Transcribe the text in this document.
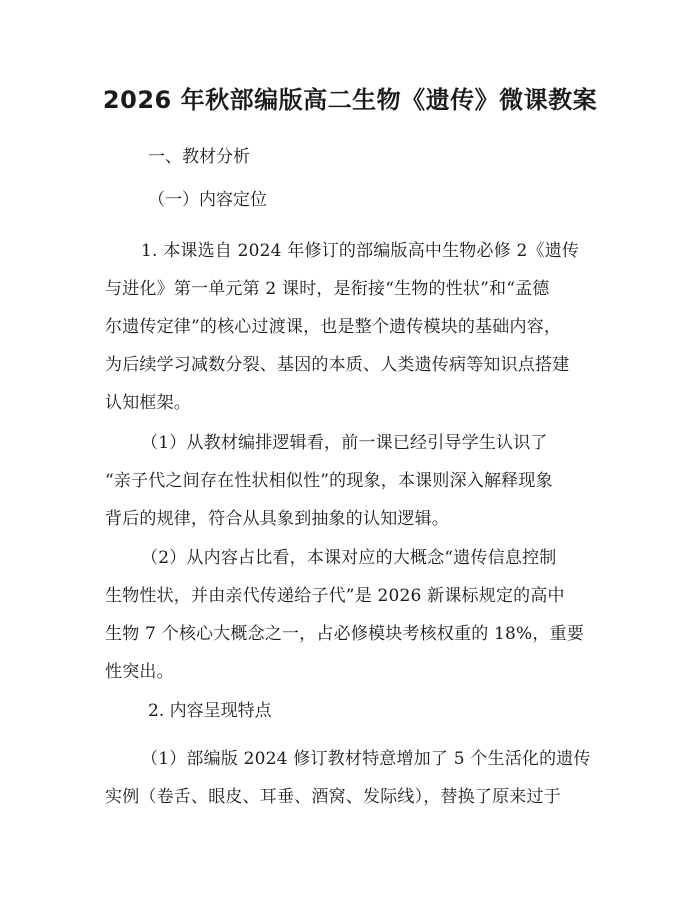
2026 年秋部编版高二生物《遗传》微课教案
一、教材分析
（一）内容定位
1. 本课选自 2024 年修订的部编版高中生物必修 2《遗传
与进化》第一单元第 2 课时，是衔接“生物的性状”和“孟德
尔遗传定律”的核心过渡课，也是整个遗传模块的基础内容，
为后续学习减数分裂、基因的本质、人类遗传病等知识点搭建
认知框架。
（1）从教材编排逻辑看，前一课已经引导学生认识了
“亲子代之间存在性状相似性”的现象，本课则深入解释现象
背后的规律，符合从具象到抽象的认知逻辑。
（2）从内容占比看，本课对应的大概念“遗传信息控制
生物性状，并由亲代传递给子代”是 2026 新课标规定的高中
生物 7 个核心大概念之一，占必修模块考核权重的 18%，重要
性突出。
2. 内容呈现特点
（1）部编版 2024 修订教材特意增加了 5 个生活化的遗传
实例（卷舌、眼皮、耳垂、酒窝、发际线），替换了原来过于
